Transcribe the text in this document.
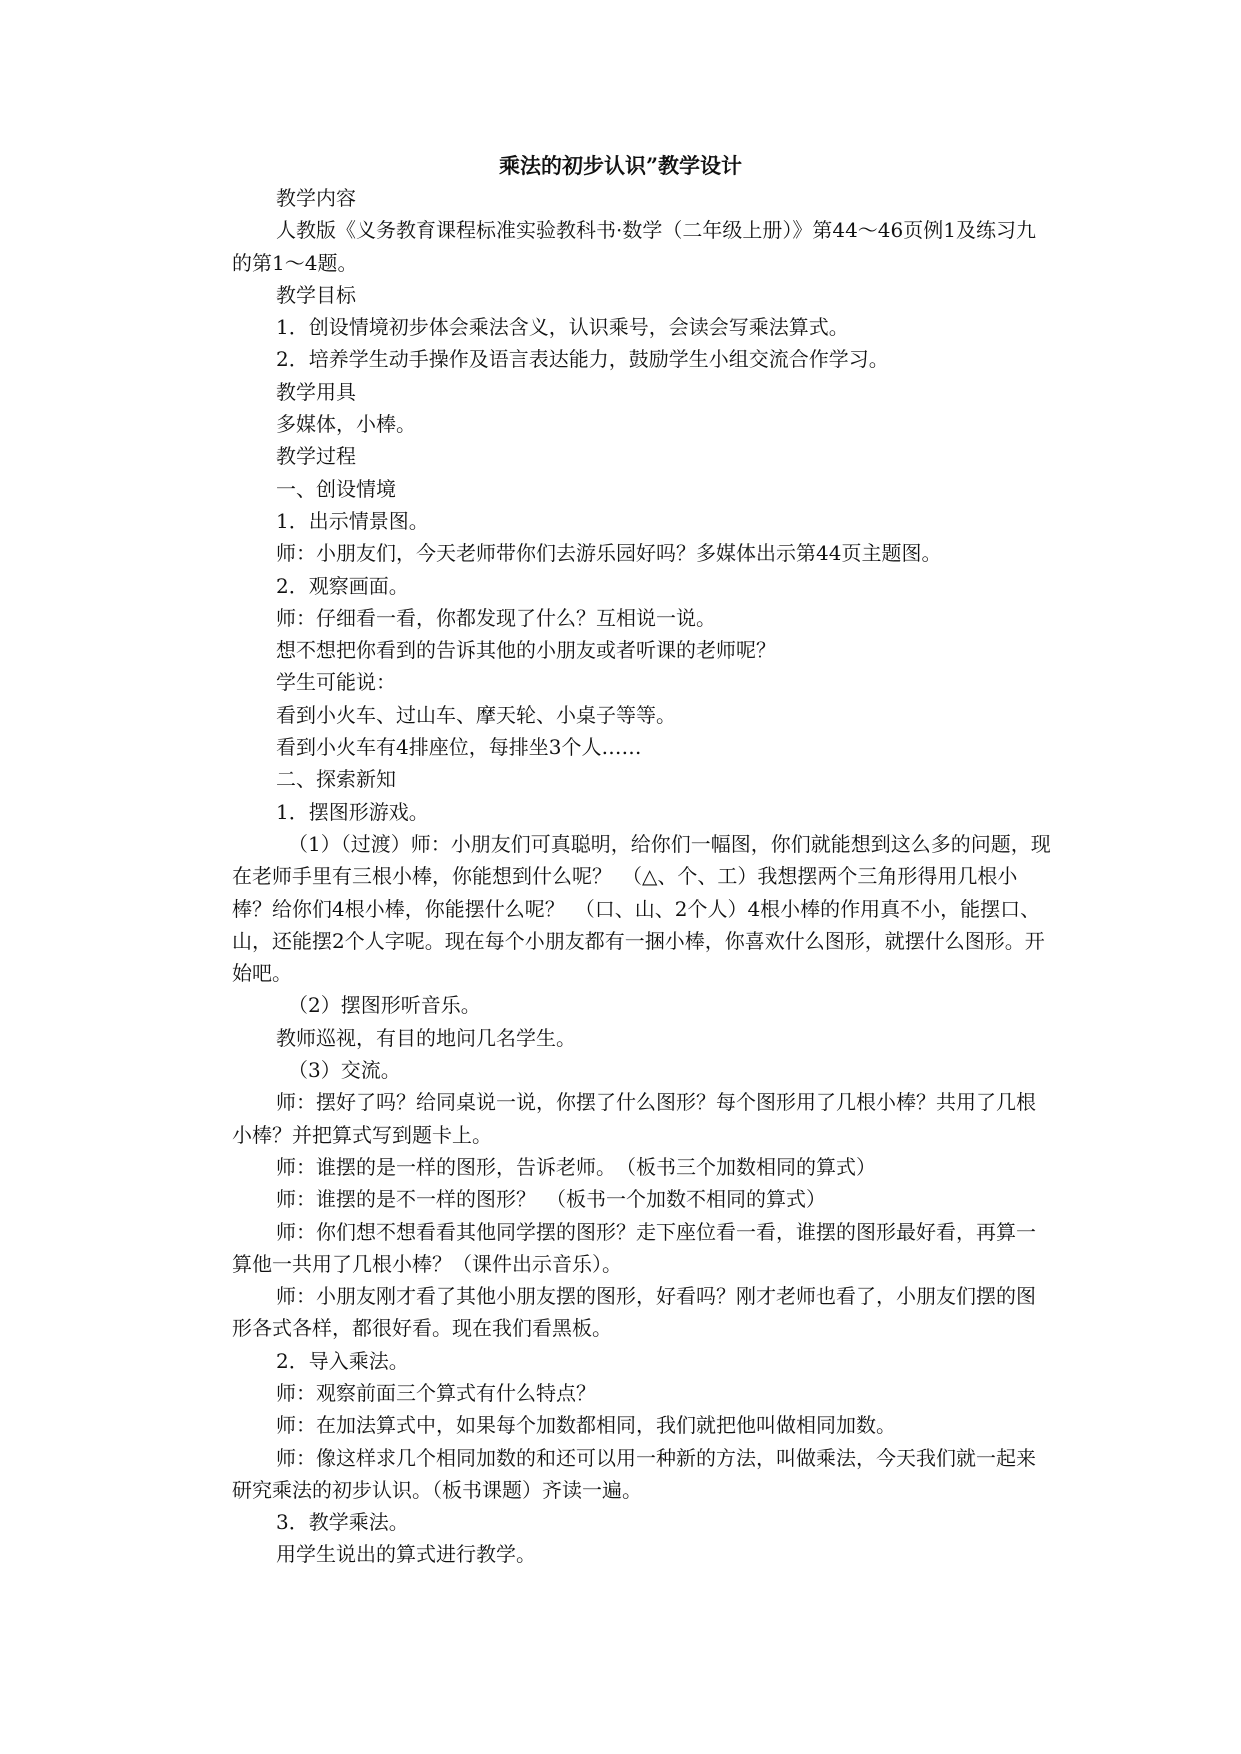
乘法的初步认识”教学设计

教学内容

人教版《义务教育课程标准实验教科书·数学（二年级上册）》第44～46页例1及练习九的第1～4题。

教学目标

1．创设情境初步体会乘法含义，认识乘号，会读会写乘法算式。

2．培养学生动手操作及语言表达能力，鼓励学生小组交流合作学习。

教学用具

多媒体，小棒。

教学过程

一、创设情境

1．出示情景图。

师：小朋友们，今天老师带你们去游乐园好吗？多媒体出示第44页主题图。

2．观察画面。

师：仔细看一看，你都发现了什么？互相说一说。

想不想把你看到的告诉其他的小朋友或者听课的老师呢？

学生可能说：

看到小火车、过山车、摩天轮、小桌子等等。

看到小火车有4排座位，每排坐3个人……

二、探索新知

1．摆图形游戏。

（1）（过渡）师：小朋友们可真聪明，给你们一幅图，你们就能想到这么多的问题，现在老师手里有三根小棒，你能想到什么呢？　（△、个、工）我想摆两个三角形得用几根小棒？给你们4根小棒，你能摆什么呢？　（口、山、2个人）4根小棒的作用真不小，能摆口、山，还能摆2个人字呢。现在每个小朋友都有一捆小棒，你喜欢什么图形，就摆什么图形。开始吧。

（2）摆图形听音乐。

教师巡视，有目的地问几名学生。

（3）交流。

师：摆好了吗？给同桌说一说，你摆了什么图形？每个图形用了几根小棒？共用了几根小棒？并把算式写到题卡上。

师：谁摆的是一样的图形，告诉老师。　（板书三个加数相同的算式）

师：谁摆的是不一样的图形？　（板书一个加数不相同的算式）

师：你们想不想看看其他同学摆的图形？走下座位看一看，谁摆的图形最好看，再算一算他一共用了几根小棒？（课件出示音乐）。

师：小朋友刚才看了其他小朋友摆的图形，好看吗？刚才老师也看了，小朋友们摆的图形各式各样，都很好看。现在我们看黑板。

2．导入乘法。

师：观察前面三个算式有什么特点？

师：在加法算式中，如果每个加数都相同，我们就把他叫做相同加数。

师：像这样求几个相同加数的和还可以用一种新的方法，叫做乘法，今天我们就一起来研究乘法的初步认识。（板书课题）齐读一遍。

3．教学乘法。

用学生说出的算式进行教学。
